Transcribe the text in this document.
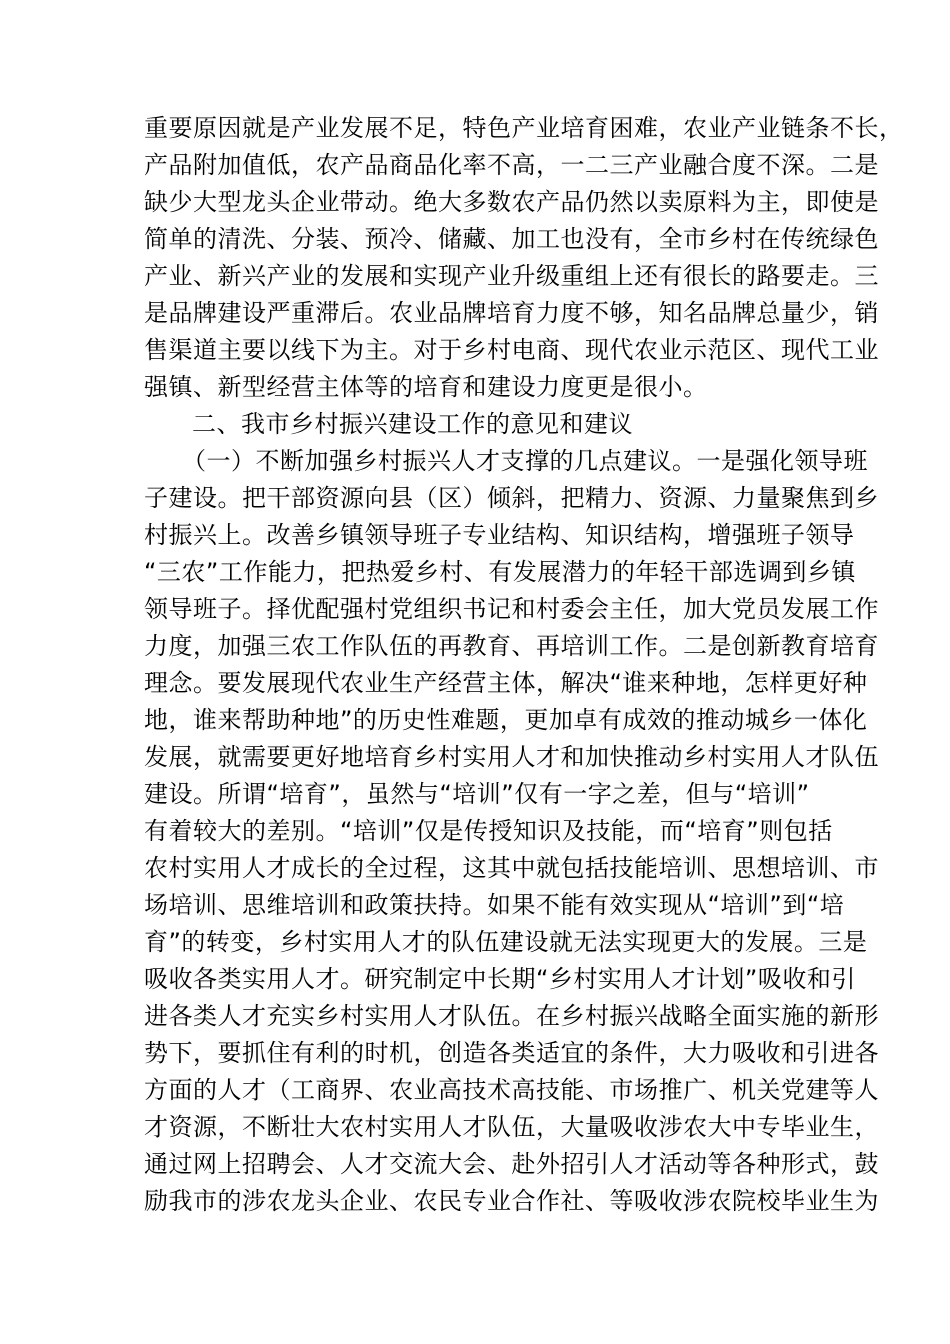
重要原因就是产业发展不足，特色产业培育困难，农业产业链条不长，
产品附加值低，农产品商品化率不高，一二三产业融合度不深。二是
缺少大型龙头企业带动。绝大多数农产品仍然以卖原料为主，即使是
简单的清洗、分装、预冷、储藏、加工也没有，全市乡村在传统绿色
产业、新兴产业的发展和实现产业升级重组上还有很长的路要走。三
是品牌建设严重滞后。农业品牌培育力度不够，知名品牌总量少，销
售渠道主要以线下为主。对于乡村电商、现代农业示范区、现代工业
强镇、新型经营主体等的培育和建设力度更是很小。
二、我市乡村振兴建设工作的意见和建议
（一）不断加强乡村振兴人才支撑的几点建议。一是强化领导班
子建设。把干部资源向县（区）倾斜，把精力、资源、力量聚焦到乡
村振兴上。改善乡镇领导班子专业结构、知识结构，增强班子领导
“三农”工作能力，把热爱乡村、有发展潜力的年轻干部选调到乡镇
领导班子。择优配强村党组织书记和村委会主任，加大党员发展工作
力度，加强三农工作队伍的再教育、再培训工作。二是创新教育培育
理念。要发展现代农业生产经营主体，解决“谁来种地，怎样更好种
地，谁来帮助种地”的历史性难题，更加卓有成效的推动城乡一体化
发展，就需要更好地培育乡村实用人才和加快推动乡村实用人才队伍
建设。所谓“培育”，虽然与“培训”仅有一字之差，但与“培训”
有着较大的差别。“培训”仅是传授知识及技能，而“培育”则包括
农村实用人才成长的全过程，这其中就包括技能培训、思想培训、市
场培训、思维培训和政策扶持。如果不能有效实现从“培训”到“培
育”的转变，乡村实用人才的队伍建设就无法实现更大的发展。三是
吸收各类实用人才。研究制定中长期“乡村实用人才计划”吸收和引
进各类人才充实乡村实用人才队伍。在乡村振兴战略全面实施的新形
势下，要抓住有利的时机，创造各类适宜的条件，大力吸收和引进各
方面的人才（工商界、农业高技术高技能、市场推广、机关党建等人
才资源，不断壮大农村实用人才队伍，大量吸收涉农大中专毕业生，
通过网上招聘会、人才交流大会、赴外招引人才活动等各种形式，鼓
励我市的涉农龙头企业、农民专业合作社、等吸收涉农院校毕业生为
